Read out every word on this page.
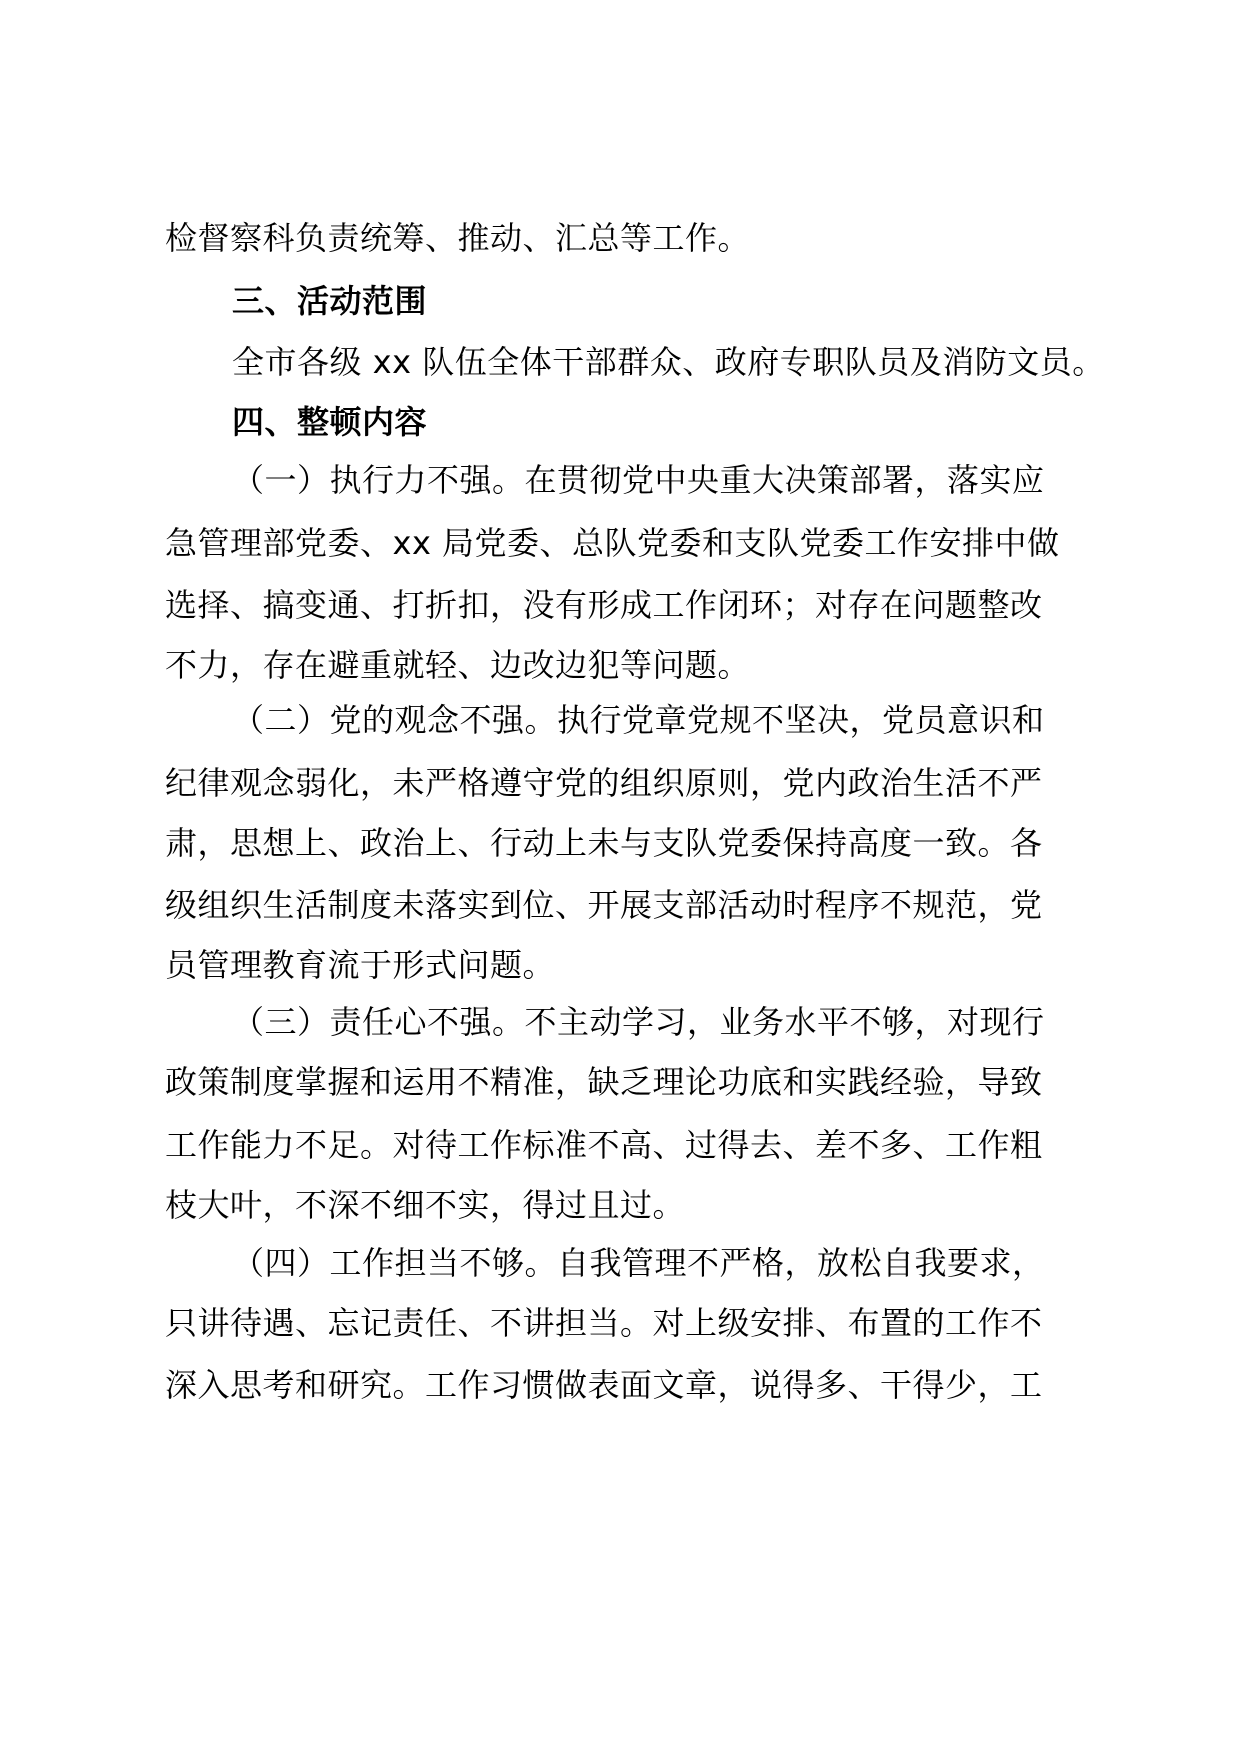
检督察科负责统筹、推动、汇总等工作。
三、活动范围
全市各级 xx 队伍全体干部群众、政府专职队员及消防文员。
四、整顿内容
（一）执行力不强。在贯彻党中央重大决策部署，落实应
急管理部党委、xx 局党委、总队党委和支队党委工作安排中做
选择、搞变通、打折扣，没有形成工作闭环；对存在问题整改
不力，存在避重就轻、边改边犯等问题。
（二）党的观念不强。执行党章党规不坚决，党员意识和
纪律观念弱化，未严格遵守党的组织原则，党内政治生活不严
肃，思想上、政治上、行动上未与支队党委保持高度一致。各
级组织生活制度未落实到位、开展支部活动时程序不规范，党
员管理教育流于形式问题。
（三）责任心不强。不主动学习，业务水平不够，对现行
政策制度掌握和运用不精准，缺乏理论功底和实践经验，导致
工作能力不足。对待工作标准不高、过得去、差不多、工作粗
枝大叶，不深不细不实，得过且过。
（四）工作担当不够。自我管理不严格，放松自我要求，
只讲待遇、忘记责任、不讲担当。对上级安排、布置的工作不
深入思考和研究。工作习惯做表面文章，说得多、干得少，工
